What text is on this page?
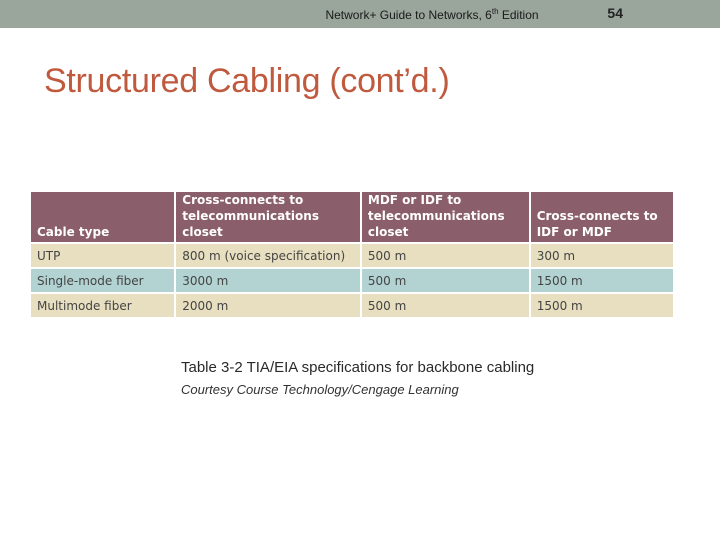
Network+ Guide to Networks, 6th Edition	54
Structured Cabling (cont’d.)
Cable type	Cross-connects to telecommunications closet	MDF or IDF to telecommunications closet	Cross-connects to IDF or MDF
UTP	800 m (voice specification)	500 m	300 m
Single-mode fiber	3000 m	500 m	1500 m
Multimode fiber	2000 m	500 m	1500 m
Table 3-2 TIA/EIA specifications for backbone cabling
Courtesy Course Technology/Cengage Learning
